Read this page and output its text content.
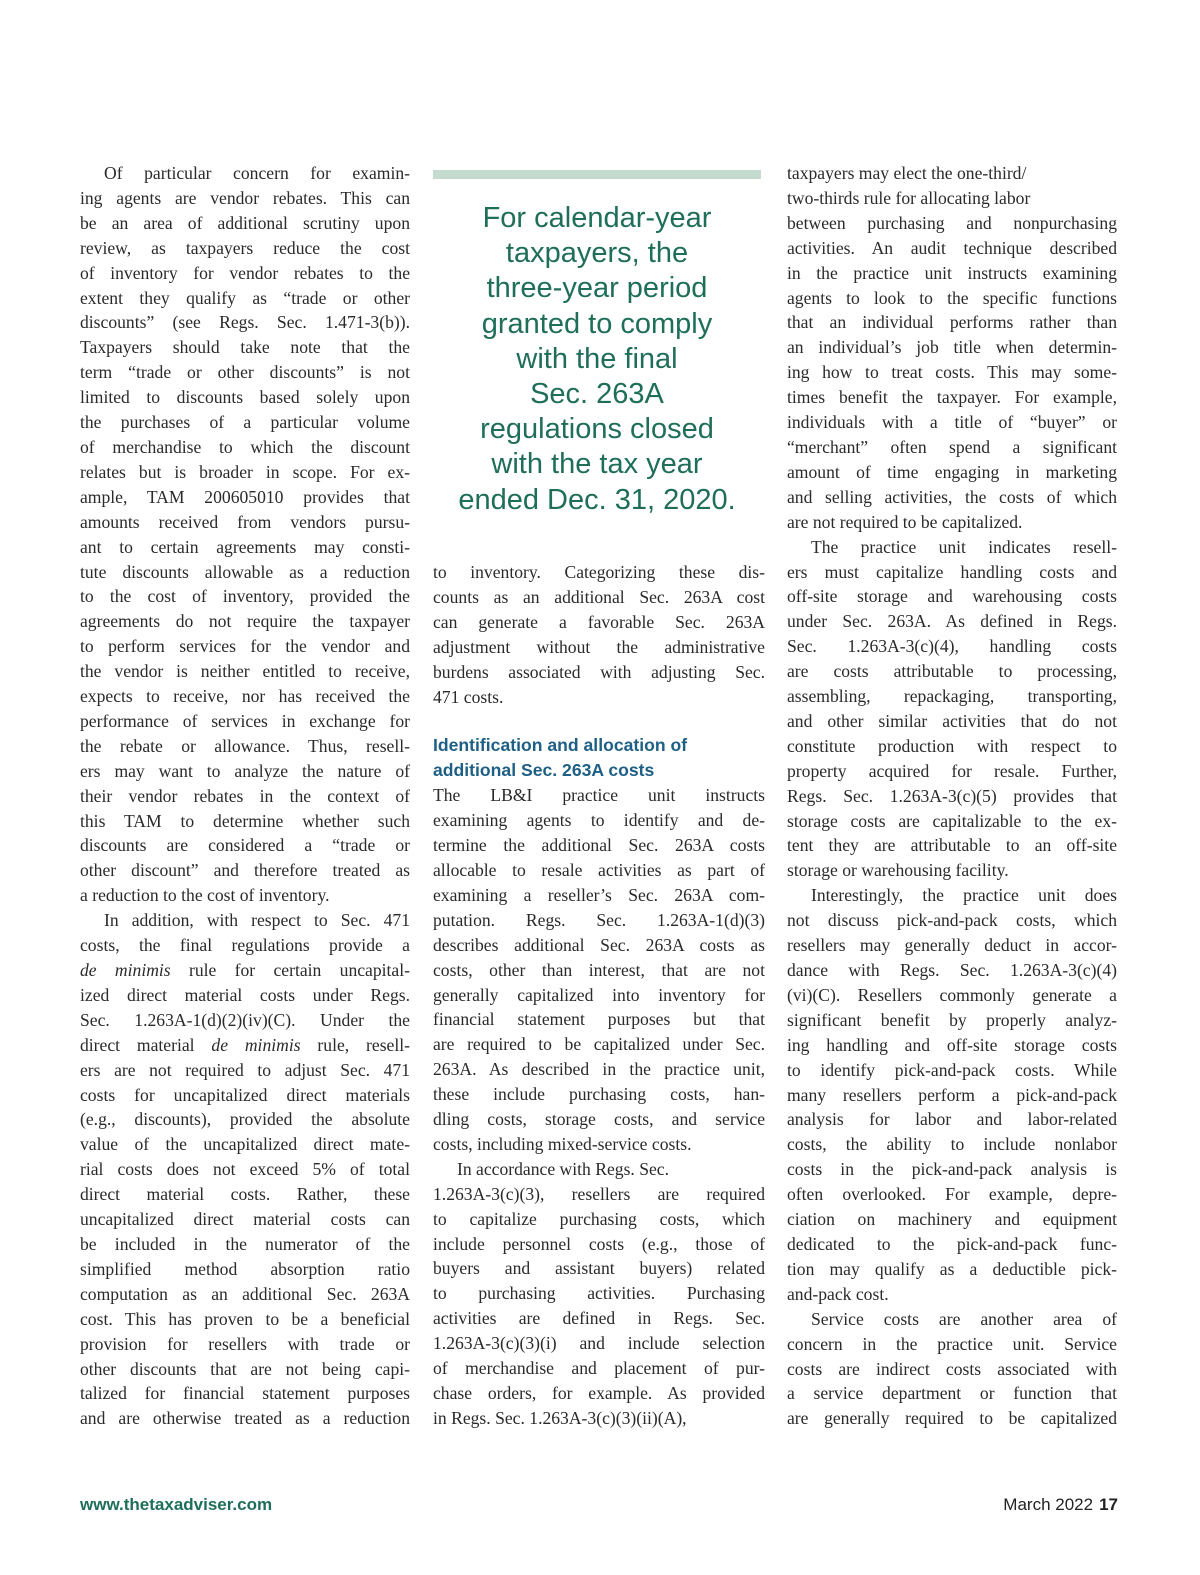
Of particular concern for examin-
ing agents are vendor rebates. This can
be an area of additional scrutiny upon
review, as taxpayers reduce the cost
of inventory for vendor rebates to the
extent they qualify as “trade or other
discounts” (see Regs. Sec. 1.471-3(b)).
Taxpayers should take note that the
term “trade or other discounts” is not
limited to discounts based solely upon
the purchases of a particular volume
of merchandise to which the discount
relates but is broader in scope. For ex-
ample, TAM 200605010 provides that
amounts received from vendors pursu-
ant to certain agreements may consti-
tute discounts allowable as a reduction
to the cost of inventory, provided the
agreements do not require the taxpayer
to perform services for the vendor and
the vendor is neither entitled to receive,
expects to receive, nor has received the
performance of services in exchange for
the rebate or allowance. Thus, resell-
ers may want to analyze the nature of
their vendor rebates in the context of
this TAM to determine whether such
discounts are considered a “trade or
other discount” and therefore treated as
a reduction to the cost of inventory.

In addition, with respect to Sec. 471
costs, the final regulations provide a
de minimis rule for certain uncapital-
ized direct material costs under Regs.
Sec. 1.263A-1(d)(2)(iv)(C). Under the
direct material de minimis rule, resell-
ers are not required to adjust Sec. 471
costs for uncapitalized direct materials
(e.g., discounts), provided the absolute
value of the uncapitalized direct mate-
rial costs does not exceed 5% of total
direct material costs. Rather, these
uncapitalized direct material costs can
be included in the numerator of the
simplified method absorption ratio
computation as an additional Sec. 263A
cost. This has proven to be a beneficial
provision for resellers with trade or
other discounts that are not being capi-
talized for financial statement purposes
and are otherwise treated as a reduction

For calendar-year
taxpayers, the
three-year period
granted to comply
with the final
Sec. 263A
regulations closed
with the tax year
ended Dec. 31, 2020.

to inventory. Categorizing these dis-
counts as an additional Sec. 263A cost
can generate a favorable Sec. 263A
adjustment without the administrative
burdens associated with adjusting Sec.
471 costs.

Identification and allocation of
additional Sec. 263A costs

The LB&I practice unit instructs
examining agents to identify and de-
termine the additional Sec. 263A costs
allocable to resale activities as part of
examining a reseller’s Sec. 263A com-
putation. Regs. Sec. 1.263A-1(d)(3)
describes additional Sec. 263A costs as
costs, other than interest, that are not
generally capitalized into inventory for
financial statement purposes but that
are required to be capitalized under Sec.
263A. As described in the practice unit,
these include purchasing costs, han-
dling costs, storage costs, and service
costs, including mixed-service costs.

In accordance with Regs. Sec.
1.263A-3(c)(3), resellers are required
to capitalize purchasing costs, which
include personnel costs (e.g., those of
buyers and assistant buyers) related
to purchasing activities. Purchasing
activities are defined in Regs. Sec.
1.263A-3(c)(3)(i) and include selection
of merchandise and placement of pur-
chase orders, for example. As provided
in Regs. Sec. 1.263A-3(c)(3)(ii)(A),

taxpayers may elect the one-third/
two-thirds rule for allocating labor
between purchasing and nonpurchasing
activities. An audit technique described
in the practice unit instructs examining
agents to look to the specific functions
that an individual performs rather than
an individual’s job title when determin-
ing how to treat costs. This may some-
times benefit the taxpayer. For example,
individuals with a title of “buyer” or
“merchant” often spend a significant
amount of time engaging in marketing
and selling activities, the costs of which
are not required to be capitalized.

The practice unit indicates resell-
ers must capitalize handling costs and
off-site storage and warehousing costs
under Sec. 263A. As defined in Regs.
Sec. 1.263A-3(c)(4), handling costs
are costs attributable to processing,
assembling, repackaging, transporting,
and other similar activities that do not
constitute production with respect to
property acquired for resale. Further,
Regs. Sec. 1.263A-3(c)(5) provides that
storage costs are capitalizable to the ex-
tent they are attributable to an off-site
storage or warehousing facility.

Interestingly, the practice unit does
not discuss pick-and-pack costs, which
resellers may generally deduct in accor-
dance with Regs. Sec. 1.263A-3(c)(4)
(vi)(C). Resellers commonly generate a
significant benefit by properly analyz-
ing handling and off-site storage costs
to identify pick-and-pack costs. While
many resellers perform a pick-and-pack
analysis for labor and labor-related
costs, the ability to include nonlabor
costs in the pick-and-pack analysis is
often overlooked. For example, depre-
ciation on machinery and equipment
dedicated to the pick-and-pack func-
tion may qualify as a deductible pick-
and-pack cost.

Service costs are another area of
concern in the practice unit. Service
costs are indirect costs associated with
a service department or function that
are generally required to be capitalized

www.thetaxadviser.com	March 2022 17
